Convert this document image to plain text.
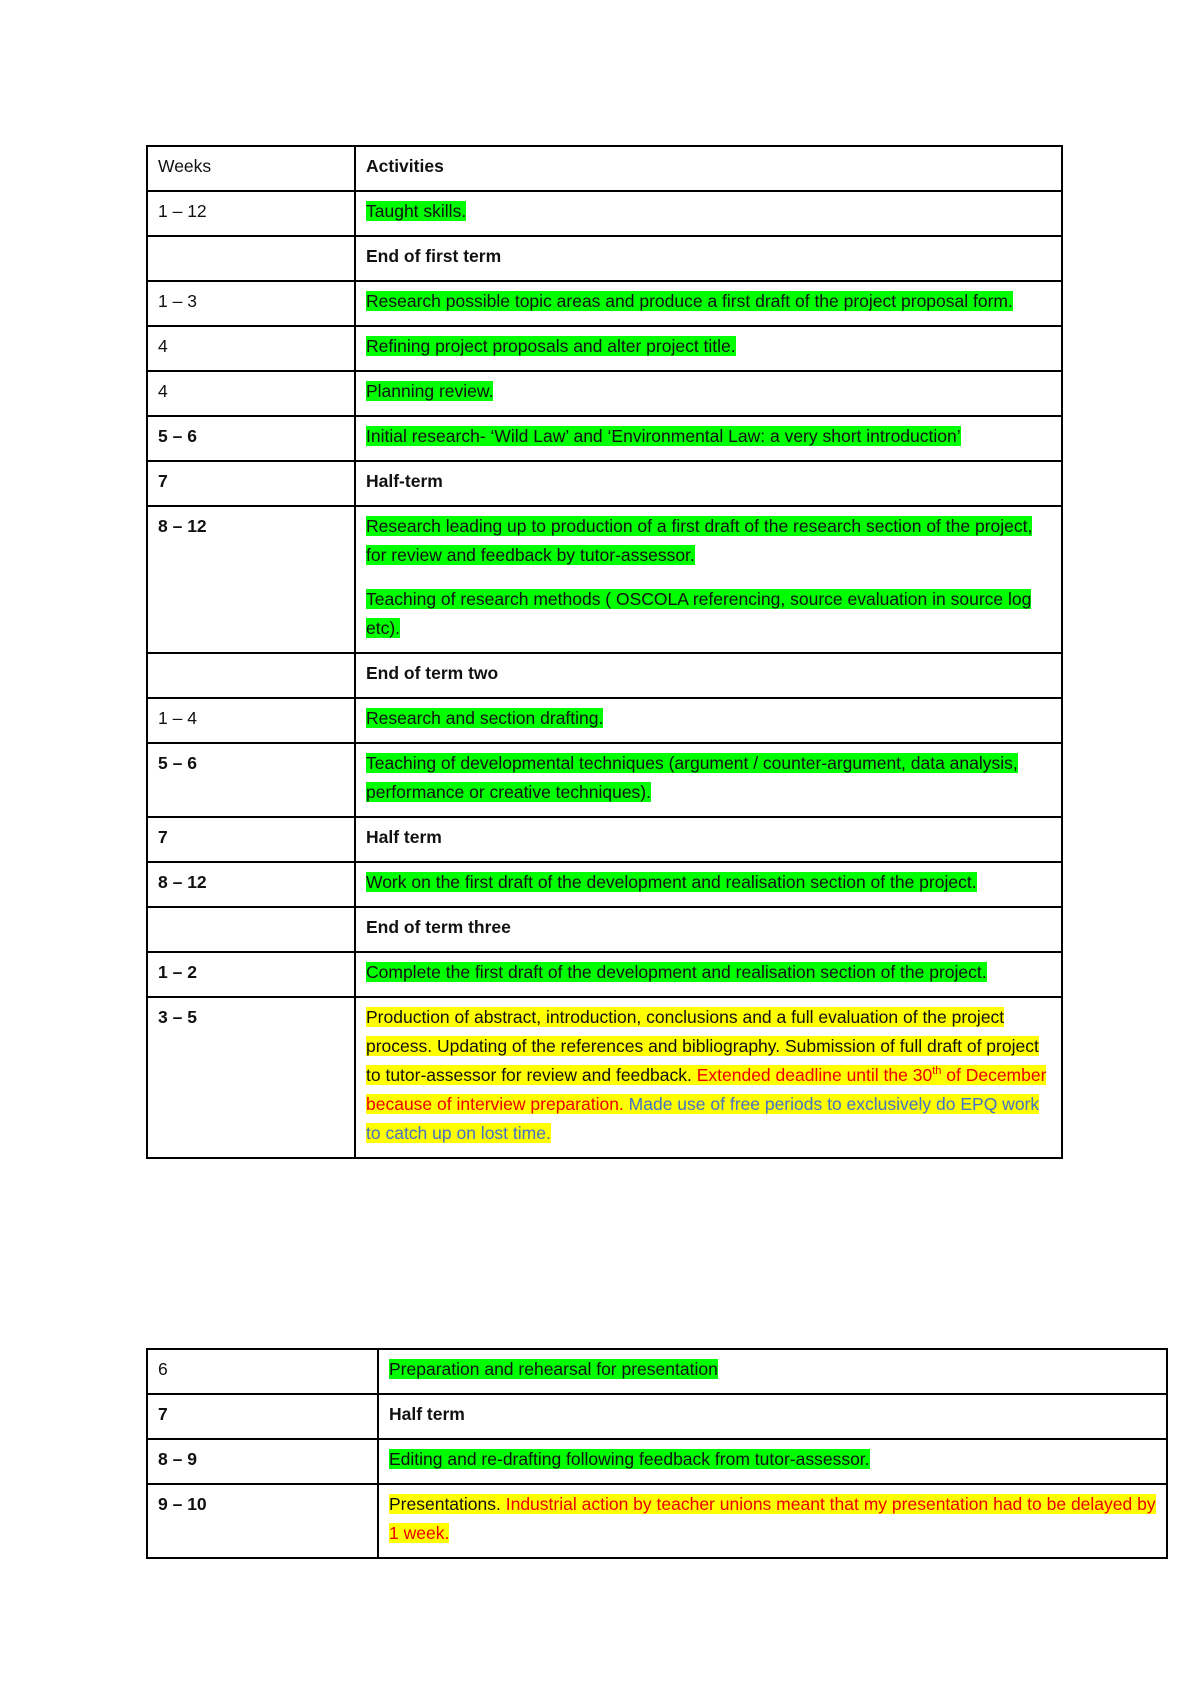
Weeks	Activities
1 – 12	Taught skills.
	End of first term
1 – 3	Research possible topic areas and produce a first draft of the project proposal form.
4	Refining project proposals and alter project title.
4	Planning review.
5 – 6	Initial research- ‘Wild Law’ and ‘Environmental Law: a very short introduction’
7	Half-term
8 – 12	Research leading up to production of a first draft of the research section of the project, for review and feedback by tutor-assessor.

Teaching of research methods ( OSCOLA referencing, source evaluation in source log etc).

	End of term two
1 – 4	Research and section drafting.
5 – 6	Teaching of developmental techniques (argument / counter-argument, data analysis, performance or creative techniques).
7	Half term
8 – 12	Work on the first draft of the development and realisation section of the project.
	End of term three
1 – 2	Complete the first draft of the development and realisation section of the project.
3 – 5	Production of abstract, introduction, conclusions and a full evaluation of the project process. Updating of the references and bibliography. Submission of full draft of project to tutor-assessor for review and feedback. Extended deadline until the 30th of December because of interview preparation. Made use of free periods to exclusively do EPQ work to catch up on lost time.
6	Preparation and rehearsal for presentation
7	Half term
8 – 9	Editing and re-drafting following feedback from tutor-assessor.
9 – 10	Presentations. Industrial action by teacher unions meant that my presentation had to be delayed by 1 week.
